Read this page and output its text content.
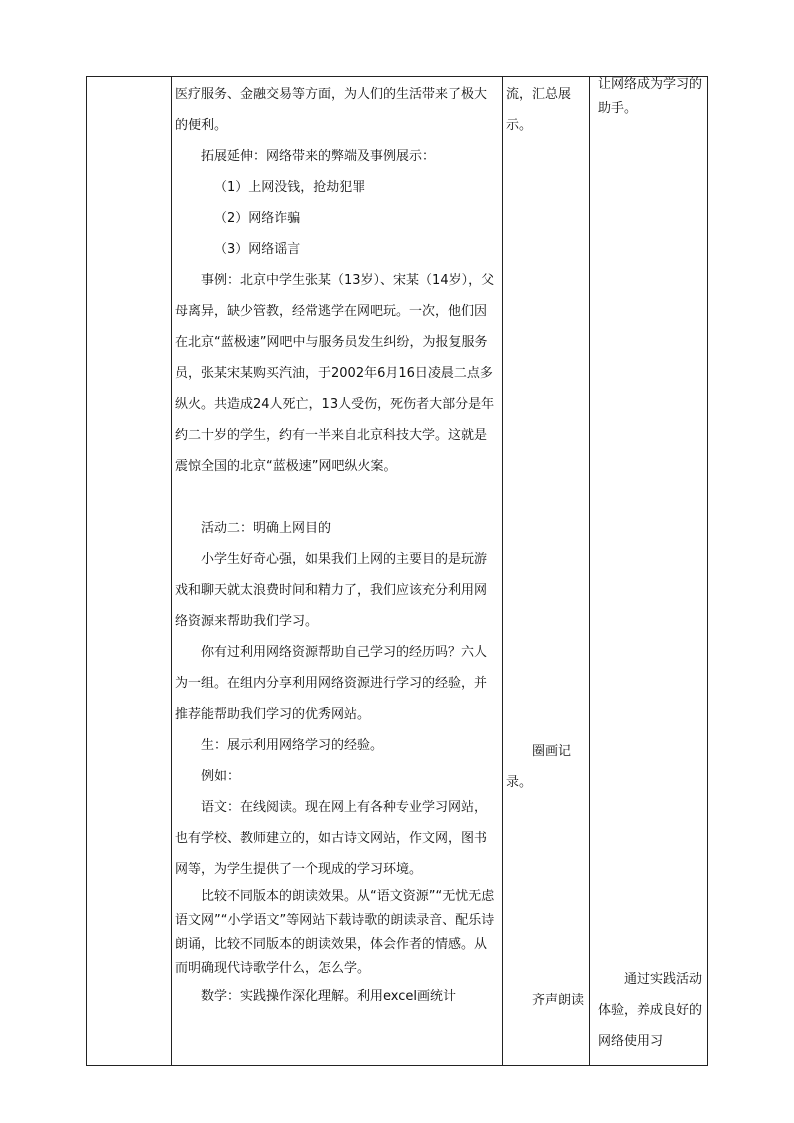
医疗服务、金融交易等方面，为人们的生活带来了极大的便利。

拓展延伸：网络带来的弊端及事例展示：

（1）上网没钱，抢劫犯罪

（2）网络诈骗

（3）网络谣言

事例：北京中学生张某（13岁）、宋某（14岁），父母离异，缺少管教，经常逃学在网吧玩。一次，他们因在北京“蓝极速”网吧中与服务员发生纠纷，为报复服务员，张某宋某购买汽油，于2002年6月16日凌晨二点多纵火。共造成24人死亡，13人受伤，死伤者大部分是年约二十岁的学生，约有一半来自北京科技大学。这就是震惊全国的北京“蓝极速”网吧纵火案。

活动二：明确上网目的

小学生好奇心强，如果我们上网的主要目的是玩游戏和聊天就太浪费时间和精力了，我们应该充分利用网络资源来帮助我们学习。

你有过利用网络资源帮助自己学习的经历吗？六人为一组。在组内分享利用网络资源进行学习的经验，并推荐能帮助我们学习的优秀网站。

生：展示利用网络学习的经验。

例如：

语文：在线阅读。现在网上有各种专业学习网站，也有学校、教师建立的，如古诗文网站，作文网，图书网等，为学生提供了一个现成的学习环境。

比较不同版本的朗读效果。从“语文资源”“无忧无虑语文网”“小学语文”等网站下载诗歌的朗读录音、配乐诗朗诵，比较不同版本的朗读效果，体会作者的情感。从而明确现代诗歌学什么，怎么学。

数学：实践操作深化理解。利用excel画统计

流，汇总展示。
圈画记录。
齐声朗读
让网络成为学习的助手。
通过实践活动体验，养成良好的网络使用习
